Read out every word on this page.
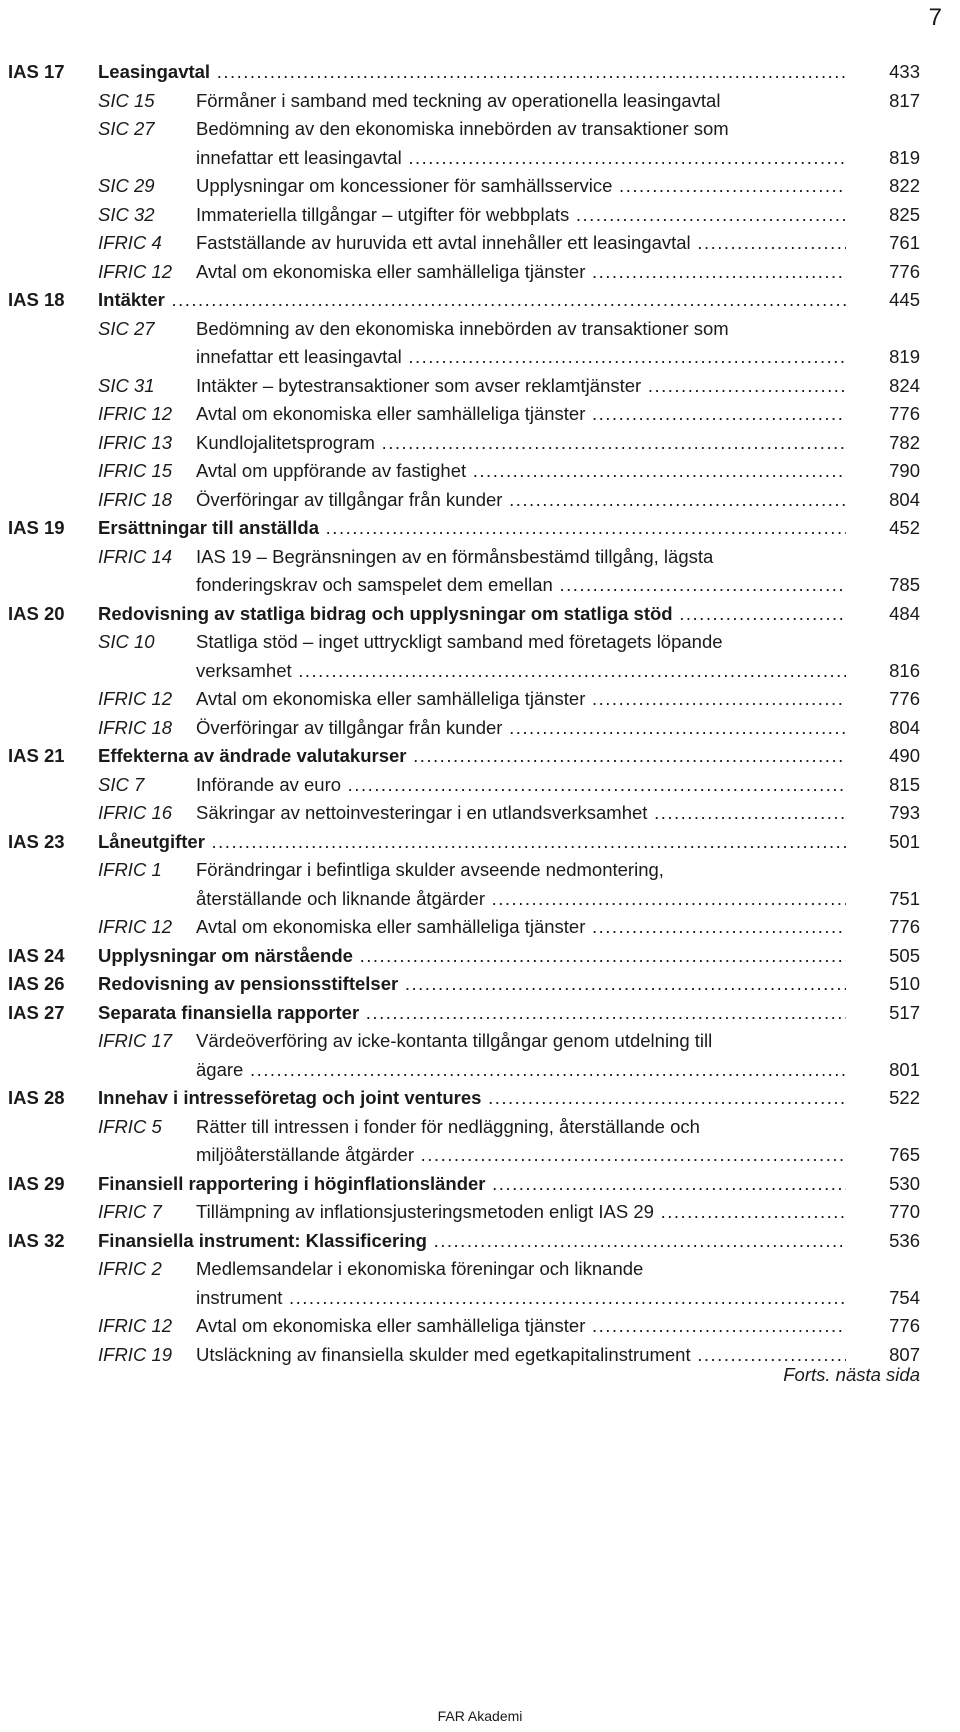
7
IAS 17 Leasingavtal .....	433
SIC 15 Förmåner i samband med teckning av operationella leasingavtal	817
SIC 27 Bedömning av den ekonomiska innebörden av transaktioner som
innefattar ett leasingavtal .....	819
SIC 29 Upplysningar om koncessioner för samhällsservice .....	822
SIC 32 Immateriella tillgångar – utgifter för webbplats .....	825
IFRIC 4 Fastställande av huruvida ett avtal innehåller ett leasingavtal .....	761
IFRIC 12 Avtal om ekonomiska eller samhälleliga tjänster .....	776
IAS 18 Intäkter .....	445
SIC 27 Bedömning av den ekonomiska innebörden av transaktioner som
innefattar ett leasingavtal .....	819
SIC 31 Intäkter – bytestransaktioner som avser reklamtjänster .....	824
IFRIC 12 Avtal om ekonomiska eller samhälleliga tjänster .....	776
IFRIC 13 Kundlojalitetsprogram .....	782
IFRIC 15 Avtal om uppförande av fastighet .....	790
IFRIC 18 Överföringar av tillgångar från kunder .....	804
IAS 19 Ersättningar till anställda .....	452
IFRIC 14 IAS 19 – Begränsningen av en förmånsbestämd tillgång, lägsta
fonderingskrav och samspelet dem emellan .....	785
IAS 20 Redovisning av statliga bidrag och upplysningar om statliga stöd .....	484
SIC 10 Statliga stöd – inget uttryckligt samband med företagets löpande
verksamhet .....	816
IFRIC 12 Avtal om ekonomiska eller samhälleliga tjänster .....	776
IFRIC 18 Överföringar av tillgångar från kunder .....	804
IAS 21 Effekterna av ändrade valutakurser .....	490
SIC 7	Införande av euro .....	815
IFRIC 16 Säkringar av nettoinvesteringar i en utlandsverksamhet .....	793
IAS 23 Låneutgifter .....	501
IFRIC 1 Förändringar i befintliga skulder avseende nedmontering,
återställande och liknande åtgärder .....	751
IFRIC 12 Avtal om ekonomiska eller samhälleliga tjänster .....	776
IAS 24 Upplysningar om närstående .....	505
IAS 26 Redovisning av pensionsstiftelser .....	510
IAS 27 Separata finansiella rapporter .....	517
IFRIC 17 Värdeöverföring av icke-kontanta tillgångar genom utdelning till
ägare .....	801
IAS 28 Innehav i intresseföretag och joint ventures .....	522
IFRIC 5 Rätter till intressen i fonder för nedläggning, återställande och
miljöåterställande åtgärder .....	765
IAS 29 Finansiell rapportering i höginflationsländer .....	530
IFRIC 7 Tillämpning av inflationsjusteringsmetoden enligt IAS 29 .....	770
IAS 32 Finansiella instrument: Klassificering .....	536
IFRIC 2 Medlemsandelar i ekonomiska föreningar och liknande
instrument .....	754
IFRIC 12 Avtal om ekonomiska eller samhälleliga tjänster .....	776
IFRIC 19 Utsläckning av finansiella skulder med egetkapitalinstrument .....	807
Forts. nästa sida
FAR Akademi
